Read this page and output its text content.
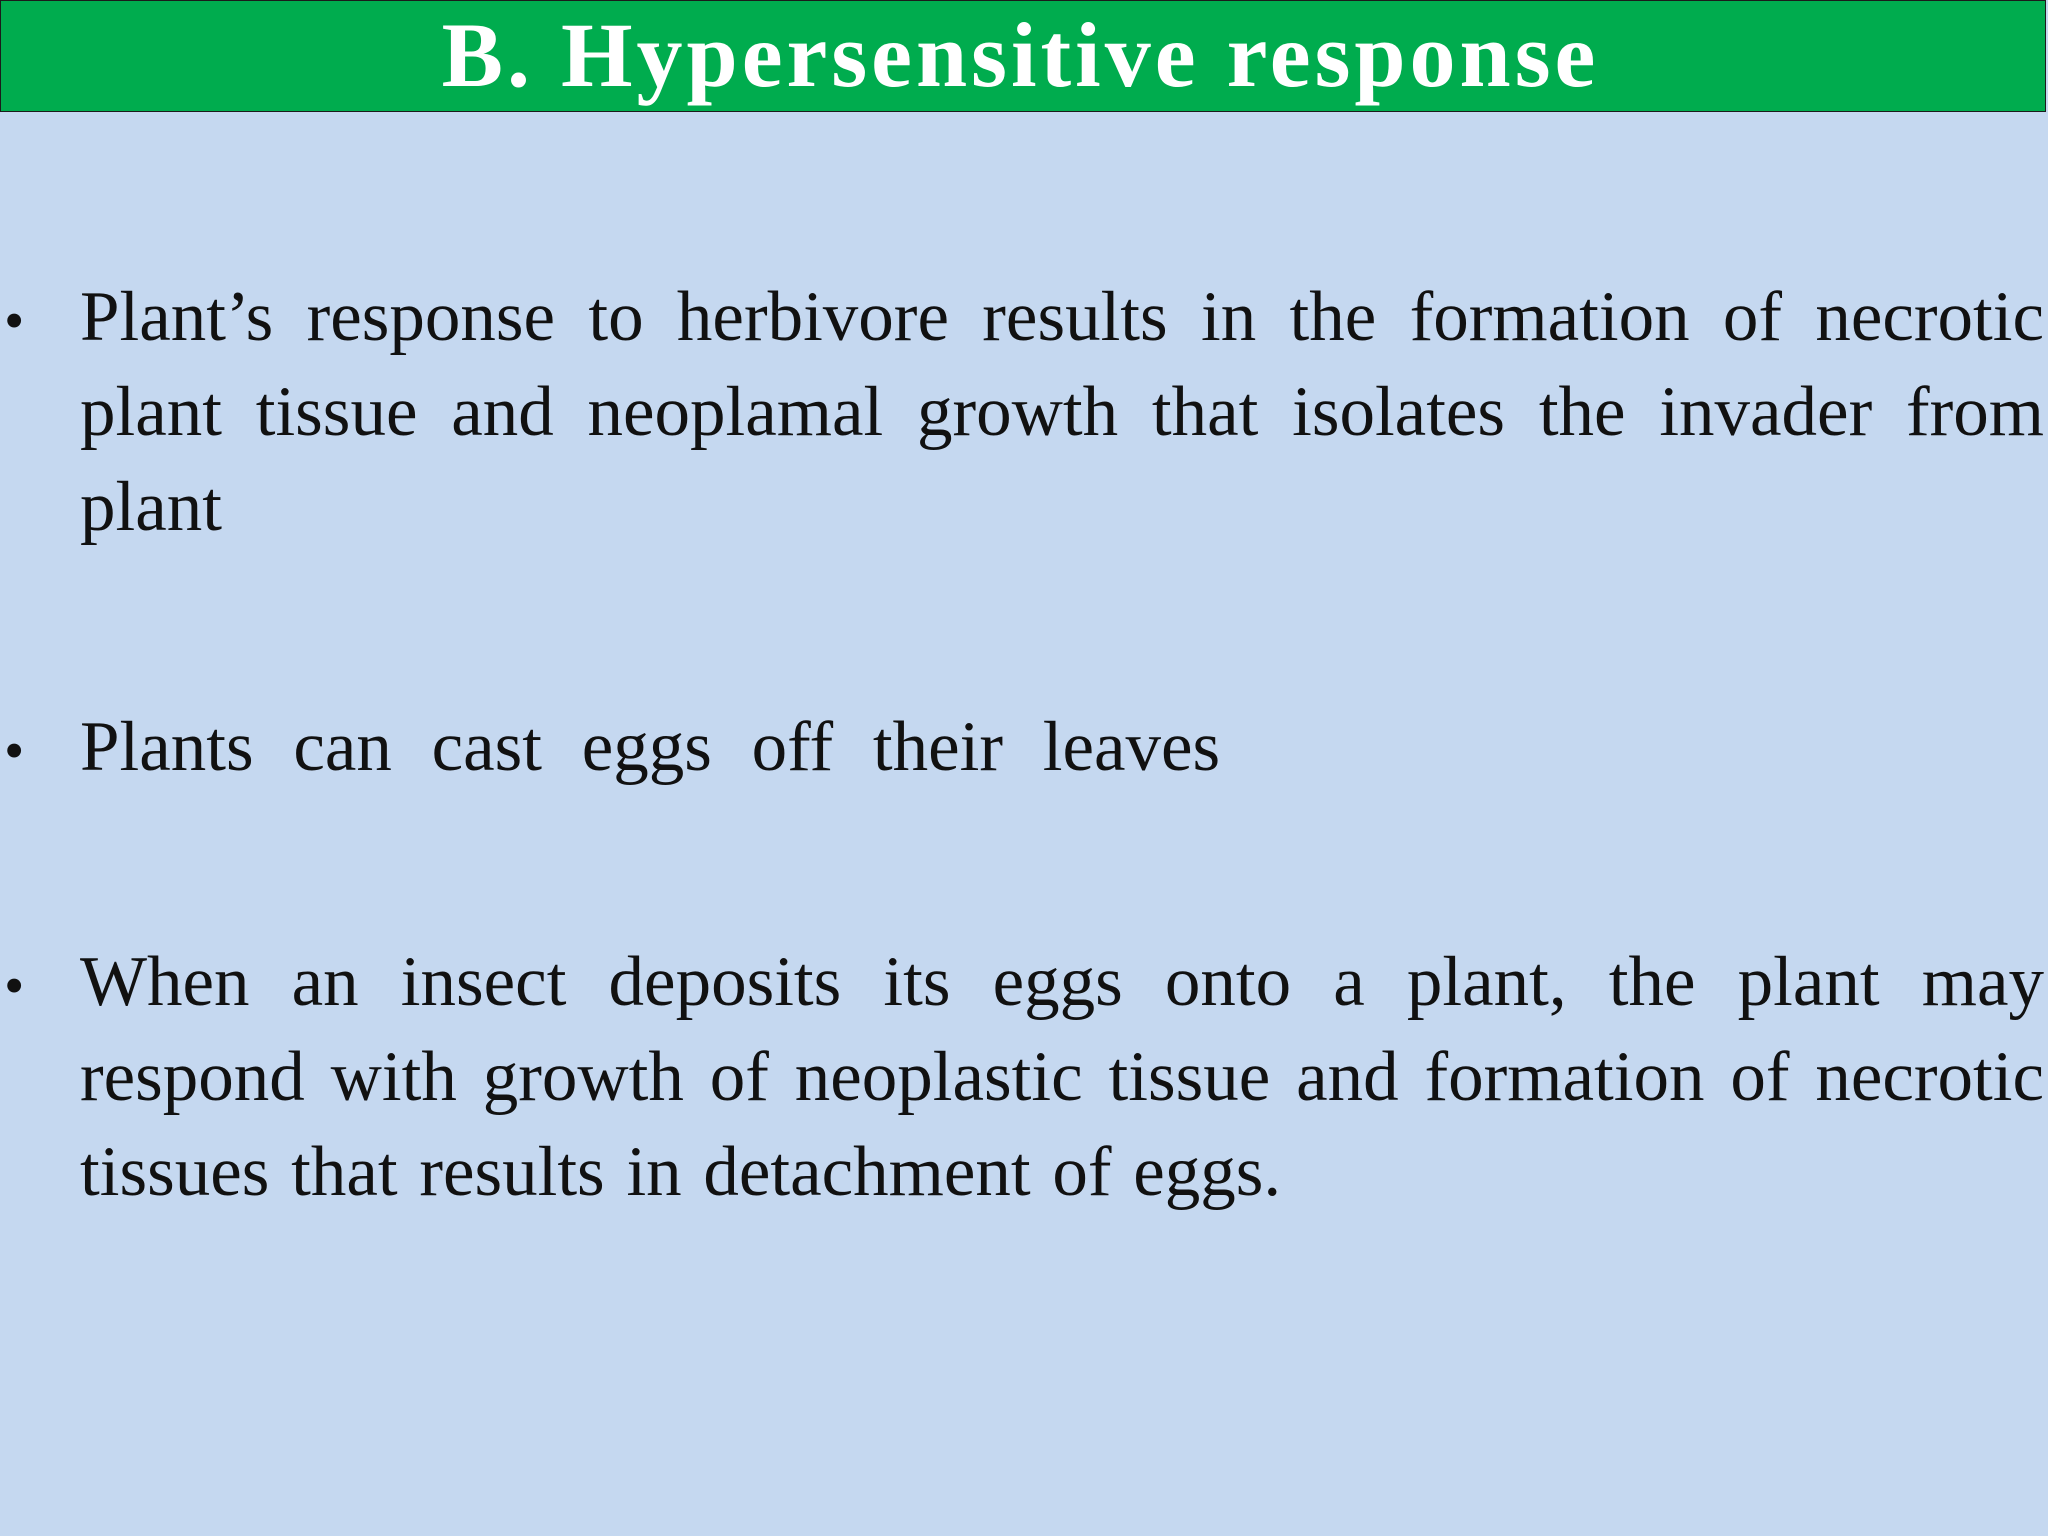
B. Hypersensitive response
• Plant’s response to herbivore results in the formation of necrotic plant tissue and neoplamal growth that isolates the invader from plant
• Plants can cast eggs off their leaves
• When an insect deposits its eggs onto a plant, the plant may respond with growth of neoplastic tissue and formation of necrotic tissues that results in detachment of eggs.
